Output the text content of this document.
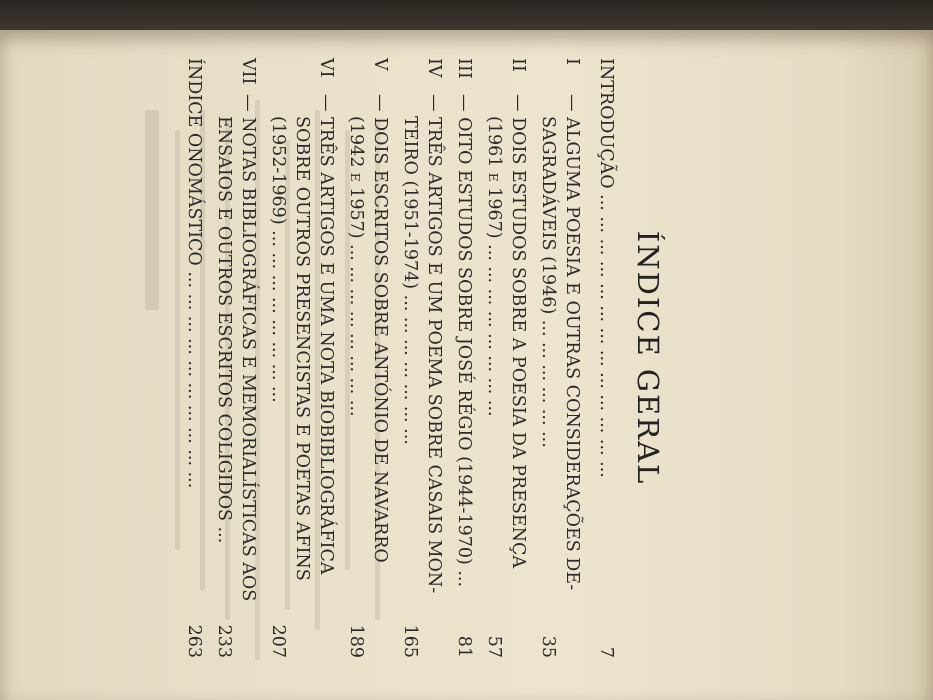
ÍNDICE GERAL
INTRODUÇÃO ... ... ... ... ... ... ... ... ... ... ... ... ...
7
I
— ALGUMA POESIA E OUTRAS CONSIDERAÇÕES DE-
SAGRADÁVEIS (1946) ... ... ... ... ... ...
35
II
— DOIS ESTUDOS SOBRE A POESIA DA PRESENÇA
(1961 e 1967) ... ... ... ... ... ... ... ...
57
III
— OITO ESTUDOS SOBRE JOSÉ RÉGIO (1944-1970) ...
81
IV
— TRÊS ARTIGOS E UM POEMA SOBRE CASAIS MON-
TEIRO (1951-1974) ... ... ... ... ... ... ...
165
V
— DOIS ESCRITOS SOBRE ANTÓNIO DE NAVARRO
(1942 e 1957) ... ... ... ... ... ... ... ...
189
VI
— TRÊS ARTIGOS E UMA NOTA BIOBIBLIOGRÁFICA
SOBRE OUTROS PRESENCISTAS E POETAS AFINS
(1952-1969) ... ... ... ... ... ... ... ...
207
VII
— NOTAS BIBLIOGRÁFICAS E MEMORIALÍSTICAS AOS
ENSAIOS E OUTROS ESCRITOS COLIGIDOS ...
233
ÍNDICE ONOMÁSTICO ... ... ... ... ... ... ... ... ... ...
263
